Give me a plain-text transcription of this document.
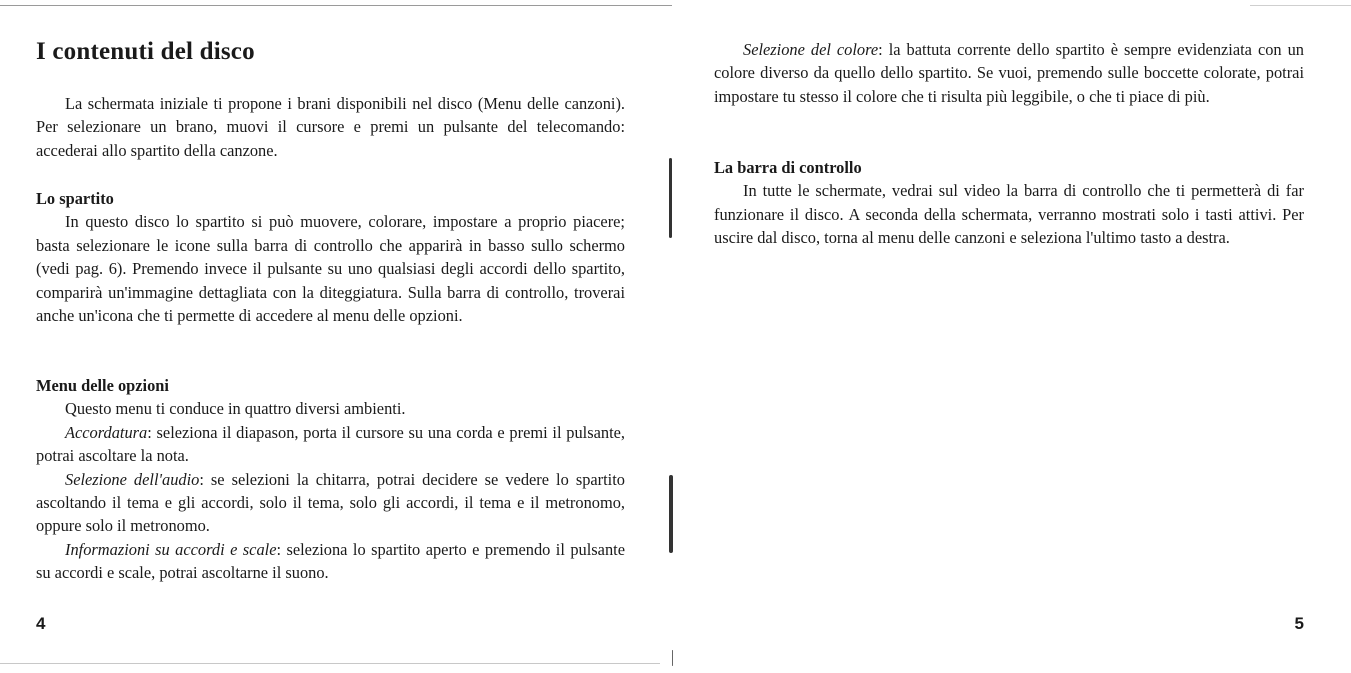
I contenuti del disco

La schermata iniziale ti propone i brani disponibili nel disco (Menu delle canzoni). Per selezionare un brano, muovi il cursore e premi un pulsante del telecomando: accederai allo spartito della canzone.

Lo spartito

In questo disco lo spartito si può muovere, colorare, impostare a proprio piacere; basta selezionare le icone sulla barra di controllo che apparirà in basso sullo schermo (vedi pag. 6). Premendo invece il pulsante su uno qualsiasi degli accordi dello spartito, comparirà un'immagine dettagliata con la diteggiatura. Sulla barra di controllo, troverai anche un'icona che ti permette di accedere al menu delle opzioni.

Menu delle opzioni

Questo menu ti conduce in quattro diversi ambienti.

Accordatura: seleziona il diapason, porta il cursore su una corda e premi il pulsante, potrai ascoltare la nota.

Selezione dell'audio: se selezioni la chitarra, potrai decidere se vedere lo spartito ascoltando il tema e gli accordi, solo il tema, solo gli accordi, il tema e il metronomo, oppure solo il metronomo.

Informazioni su accordi e scale: seleziona lo spartito aperto e premendo il pulsante su accordi e scale, potrai ascoltarne il suono.

4

Selezione del colore: la battuta corrente dello spartito è sempre evidenziata con un colore diverso da quello dello spartito. Se vuoi, premendo sulle boccette colorate, potrai impostare tu stesso il colore che ti risulta più leggibile, o che ti piace di più.

La barra di controllo

In tutte le schermate, vedrai sul video la barra di controllo che ti permetterà di far funzionare il disco. A seconda della schermata, verranno mostrati solo i tasti attivi. Per uscire dal disco, torna al menu delle canzoni e seleziona l'ultimo tasto a destra.

5
